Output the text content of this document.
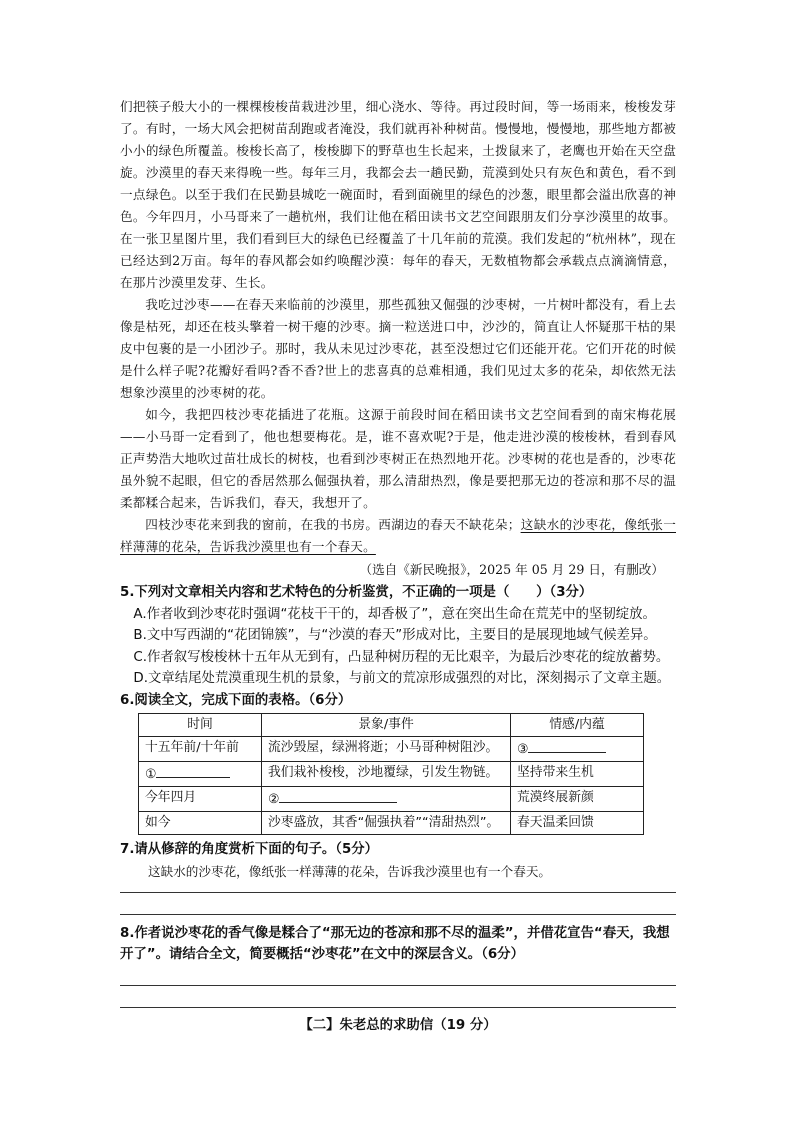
们把筷子般大小的一棵棵梭梭苗栽进沙里，细心浇水、等待。再过段时间，等一场雨来，梭梭发芽了。有时，一场大风会把树苗刮跑或者淹没，我们就再补种树苗。慢慢地，慢慢地，那些地方都被小小的绿色所覆盖。梭梭长高了，梭梭脚下的野草也生长起来，土拨鼠来了，老鹰也开始在天空盘旋。沙漠里的春天来得晚一些。每年三月，我都会去一趟民勤，荒漠到处只有灰色和黄色，看不到一点绿色。以至于我们在民勤县城吃一碗面时，看到面碗里的绿色的沙葱，眼里都会溢出欣喜的神色。今年四月，小马哥来了一趟杭州，我们让他在稻田读书文艺空间跟朋友们分享沙漠里的故事。在一张卫星图片里，我们看到巨大的绿色已经覆盖了十几年前的荒漠。我们发起的“杭州林”，现在已经达到2万亩。每年的春风都会如约唤醒沙漠：每年的春天，无数植物都会承载点点滴滴情意，在那片沙漠里发芽、生长。

我吃过沙枣——在春天来临前的沙漠里，那些孤独又倔强的沙枣树，一片树叶都没有，看上去像是枯死，却还在枝头擎着一树干瘪的沙枣。摘一粒送进口中，沙沙的，简直让人怀疑那干枯的果皮中包裹的是一小团沙子。那时，我从未见过沙枣花，甚至没想过它们还能开花。它们开花的时候是什么样子呢?花瓣好看吗?香不香?世上的悲喜真的总难相通，我们见过太多的花朵，却依然无法想象沙漠里的沙枣树的花。

如今，我把四枝沙枣花插进了花瓶。这源于前段时间在稻田读书文艺空间看到的南宋梅花展——小马哥一定看到了，他也想要梅花。是，谁不喜欢呢?于是，他走进沙漠的梭梭林，看到春风正声势浩大地吹过苗壮成长的树枝，也看到沙枣树正在热烈地开花。沙枣树的花也是香的，沙枣花虽外貌不起眼，但它的香居然那么倔强执着，那么清甜热烈，像是要把那无边的苍凉和那不尽的温柔都糅合起来，告诉我们，春天，我想开了。

四枝沙枣花来到我的窗前，在我的书房。西湖边的春天不缺花朵；这缺水的沙枣花，像纸张一样薄薄的花朵，告诉我沙漠里也有一个春天。

（选自《新民晚报》，2025 年 05 月 29 日，有删改）

5.下列对文章相关内容和艺术特色的分析鉴赏，不正确的一项是（　　）（3分）

A.作者收到沙枣花时强调“花枝干干的，却香极了”，意在突出生命在荒芜中的坚韧绽放。

B.文中写西湖的“花团锦簇”，与“沙漠的春天”形成对比，主要目的是展现地域气候差异。

C.作者叙写梭梭林十五年从无到有，凸显种树历程的无比艰辛，为最后沙枣花的绽放蓄势。

D.文章结尾处荒漠重现生机的景象，与前文的荒凉形成强烈的对比，深刻揭示了文章主题。

6.阅读全文，完成下面的表格。（6分）

时间	景象/事件	情感/内蕴
十五年前/十年前	流沙毁屋，绿洲将逝；小马哥种树阻沙。	③
①	我们栽补梭梭，沙地覆绿，引发生物链。	坚持带来生机
今年四月	②	荒漠终展新颜
如今	沙枣盛放，其香“倔强执着”“清甜热烈”。	春天温柔回馈

7.请从修辞的角度赏析下面的句子。（5分）

这缺水的沙枣花，像纸张一样薄薄的花朵，告诉我沙漠里也有一个春天。

8.作者说沙枣花的香气像是糅合了“那无边的苍凉和那不尽的温柔”，并借花宣告“春天，我想开了”。请结合全文，简要概括“沙枣花”在文中的深层含义。（6分）

【二】朱老总的求助信（19 分）
